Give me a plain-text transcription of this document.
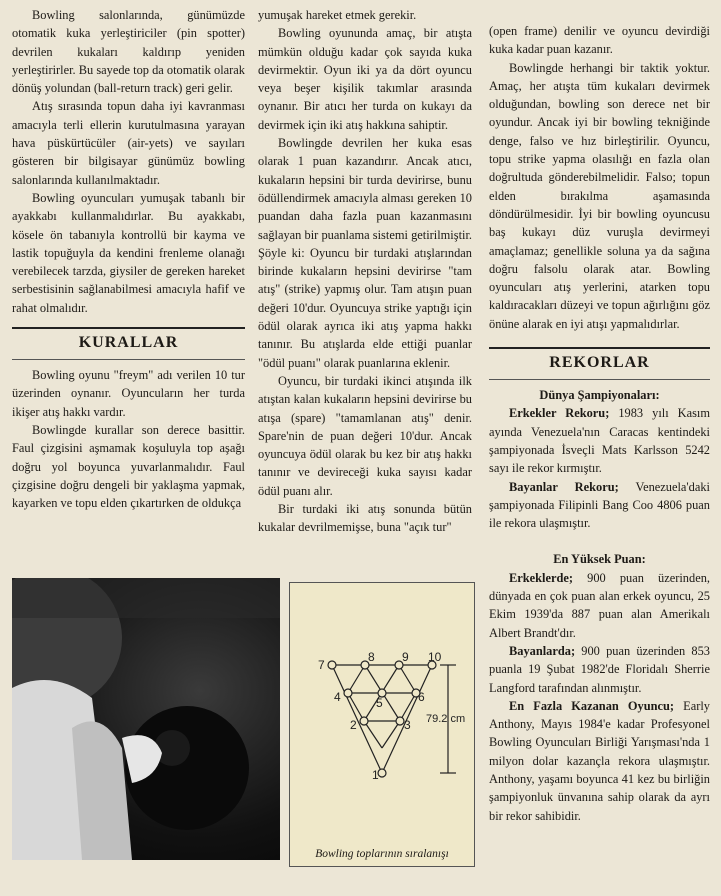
Bowling salonlarında, günümüzde otomatik kuka yerleştiriciler (pin spotter) devrilen kukaları kaldırıp yeniden yerleştirirler. Bu sayede top da otomatik olarak dönüş yolundan (ball-return track) geri gelir.

Atış sırasında topun daha iyi kavranması amacıyla terli ellerin kurutulmasına yarayan hava püskürtücüler (air-yets) ve sayıları gösteren bir bilgisayar günümüz bowling salonlarında kullanılmaktadır.

Bowling oyuncuları yumuşak tabanlı bir ayakkabı kullanmalıdırlar. Bu ayakkabı, kösele ön tabanıyla kontrollü bir kayma ve lastik topuğuyla da kendini frenleme olanağı verebilecek tarzda, giysiler de gereken hareket serbestisinin sağlanabilmesi amacıyla hafif ve rahat olmalıdır.

KURALLAR

Bowling oyunu "freym" adı verilen 10 tur üzerinden oynanır. Oyuncuların her turda ikişer atış hakkı vardır.

Bowlingde kurallar son derece basittir. Faul çizgisini aşmamak koşuluyla top aşağı doğru yol boyunca yuvarlanmalıdır. Faul çizgisine doğru dengeli bir yaklaşma yapmak, kayarken ve topu elden çıkartırken de oldukça

yumuşak hareket etmek gerekir.

Bowling oyununda amaç, bir atışta mümkün olduğu kadar çok sayıda kuka devirmektir. Oyun iki ya da dört oyuncu veya beşer kişilik takımlar arasında oynanır. Bir atıcı her turda on kukayı da devirmek için iki atış hakkına sahiptir.

Bowlingde devrilen her kuka esas olarak 1 puan kazandırır. Ancak atıcı, kukaların hepsini bir turda devirirse, bunu ödüllendirmek amacıyla alması gereken 10 puandan daha fazla puan kazanmasını sağlayan bir puanlama sistemi getirilmiştir. Şöyle ki: Oyuncu bir turdaki atışlarından birinde kukaların hepsini devirirse "tam atış" (strike) yapmış olur. Tam atışın puan değeri 10'dur. Oyuncuya strike yaptığı için ödül olarak ayrıca iki atış yapma hakkı tanınır. Bu atışlarda elde ettiği puanlar "ödül puanı" olarak puanlarına eklenir.

Oyuncu, bir turdaki ikinci atışında ilk atıştan kalan kukaların hepsini devirirse bu atışa (spare) "tamamlanan atış" denir. Spare'nin de puan değeri 10'dur. Ancak oyuncuya ödül olarak bu kez bir atış hakkı tanınır ve devireceği kuka sayısı kadar ödül puanı alır.

Bir turdaki iki atış sonunda bütün kukalar devrilmemişse, buna "açık tur"

(open frame) denilir ve oyuncu devirdiği kuka kadar puan kazanır.

Bowlingde herhangi bir taktik yoktur. Amaç, her atışta tüm kukaları devirmek olduğundan, bowling son derece net bir oyundur. Ancak iyi bir bowling tekniğinde denge, falso ve hız birleştirilir. Oyuncu, topu strike yapma olasılığı en fazla olan doğrultuda gönderebilmelidir. Falso; topun elden bırakılma aşamasında döndürülmesidir. İyi bir bowling oyuncusu baş kukayı düz vuruşla devirmeyi amaçlamaz; genellikle soluna ya da sağına doğru falsolu olarak atar. Bowling oyuncuları atış yerlerini, atarken topu kaldıracakları düzeyi ve topun ağırlığını göz önüne alarak en iyi atışı yapmalıdırlar.

REKORLAR

Dünya Şampiyonaları:

Erkekler Rekoru; 1983 yılı Kasım ayında Venezuela'nın Caracas kentindeki şampiyonada İsveçli Mats Karlsson 5242 sayı ile rekor kırmıştır.

Bayanlar Rekoru; Venezuela'daki şampiyonada Filipinli Bang Coo 4806 puan ile rekora ulaşmıştır.

En Yüksek Puan:

Erkeklerde; 900 puan üzerinden, dünyada en çok puan alan erkek oyuncu, 25 Ekim 1939'da 887 puan alan Amerikalı Albert Brandt'dır.

Bayanlarda; 900 puan üzerinden 853 puanla 19 Şubat 1982'de Floridalı Sherrie Langford tarafından alınmıştır.

En Fazla Kazanan Oyuncu; Early Anthony, Mayıs 1984'e kadar Profesyonel Bowling Oyuncuları Birliği Yarışması'nda 1 milyon dolar kazançla rekora ulaşmıştır. Anthony, yaşamı boyunca 41 kez bu birliğin şampiyonluk ünvanına sahip olarak da ayrı bir rekor sahibidir.

1
2	3
4	5	6
7
8 9 10
79.2 cm
Bowling toplarının sıralanışı
